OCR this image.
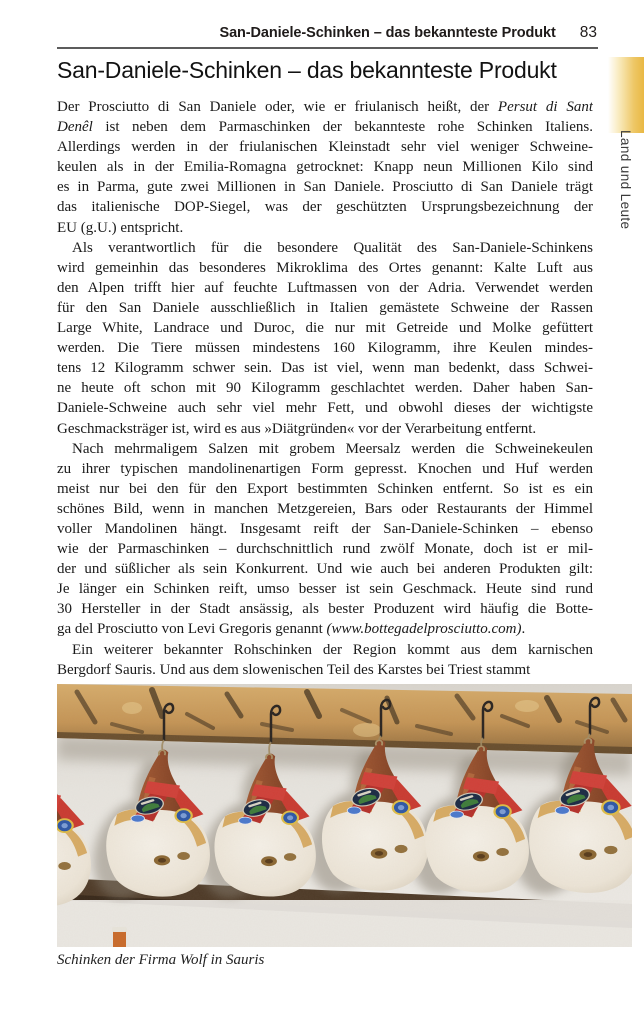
San-Daniele-Schinken – das bekannteste Produkt 83
Land und Leute
San-Daniele-Schinken – das bekannteste Produkt
Der Prosciutto di San Daniele oder, wie er friulanisch heißt, der Persut di Sant
Denêl ist neben dem Parmaschinken der bekannteste rohe Schinken Italiens.
Allerdings werden in der friulanischen Kleinstadt sehr viel weniger Schweine-
keulen als in der Emilia-Romagna getrocknet: Knapp neun Millionen Kilo sind
es in Parma, gute zwei Millionen in San Daniele. Prosciutto di San Daniele trägt
das italienische DOP-Siegel, was der geschützten Ursprungsbezeichnung der
EU (g.U.) entspricht.
Als verantwortlich für die besondere Qualität des San-Daniele-Schinkens
wird gemeinhin das besonderes Mikroklima des Ortes genannt: Kalte Luft aus
den Alpen trifft hier auf feuchte Luftmassen von der Adria. Verwendet werden
für den San Daniele ausschließlich in Italien gemästete Schweine der Rassen
Large White, Landrace und Duroc, die nur mit Getreide und Molke gefüttert
werden. Die Tiere müssen mindestens 160 Kilogramm, ihre Keulen mindes-
tens 12 Kilogramm schwer sein. Das ist viel, wenn man bedenkt, dass Schwei-
ne heute oft schon mit 90 Kilogramm geschlachtet werden. Daher haben San-
Daniele-Schweine auch sehr viel mehr Fett, und obwohl dieses der wichtigste
Geschmacksträger ist, wird es aus »Diätgründen« vor der Verarbeitung entfernt.
Nach mehrmaligem Salzen mit grobem Meersalz werden die Schweinekeulen
zu ihrer typischen mandolinenartigen Form gepresst. Knochen und Huf werden
meist nur bei den für den Export bestimmten Schinken entfernt. So ist es ein
schönes Bild, wenn in manchen Metzgereien, Bars oder Restaurants der Himmel
voller Mandolinen hängt. Insgesamt reift der San-Daniele-Schinken – ebenso
wie der Parmaschinken – durchschnittlich rund zwölf Monate, doch ist er mil-
der und süßlicher als sein Konkurrent. Und wie auch bei anderen Produkten gilt:
Je länger ein Schinken reift, umso besser ist sein Geschmack. Heute sind rund
30 Hersteller in der Stadt ansässig, als bester Produzent wird häufig die Botte-
ga del Prosciutto von Levi Gregoris genannt (www.bottegadelprosciutto.com).
Ein weiterer bekannter Rohschinken der Region kommt aus dem karnischen
Bergdorf Sauris. Und aus dem slowenischen Teil des Karstes bei Triest stammt
Schinken der Firma Wolf in Sauris
